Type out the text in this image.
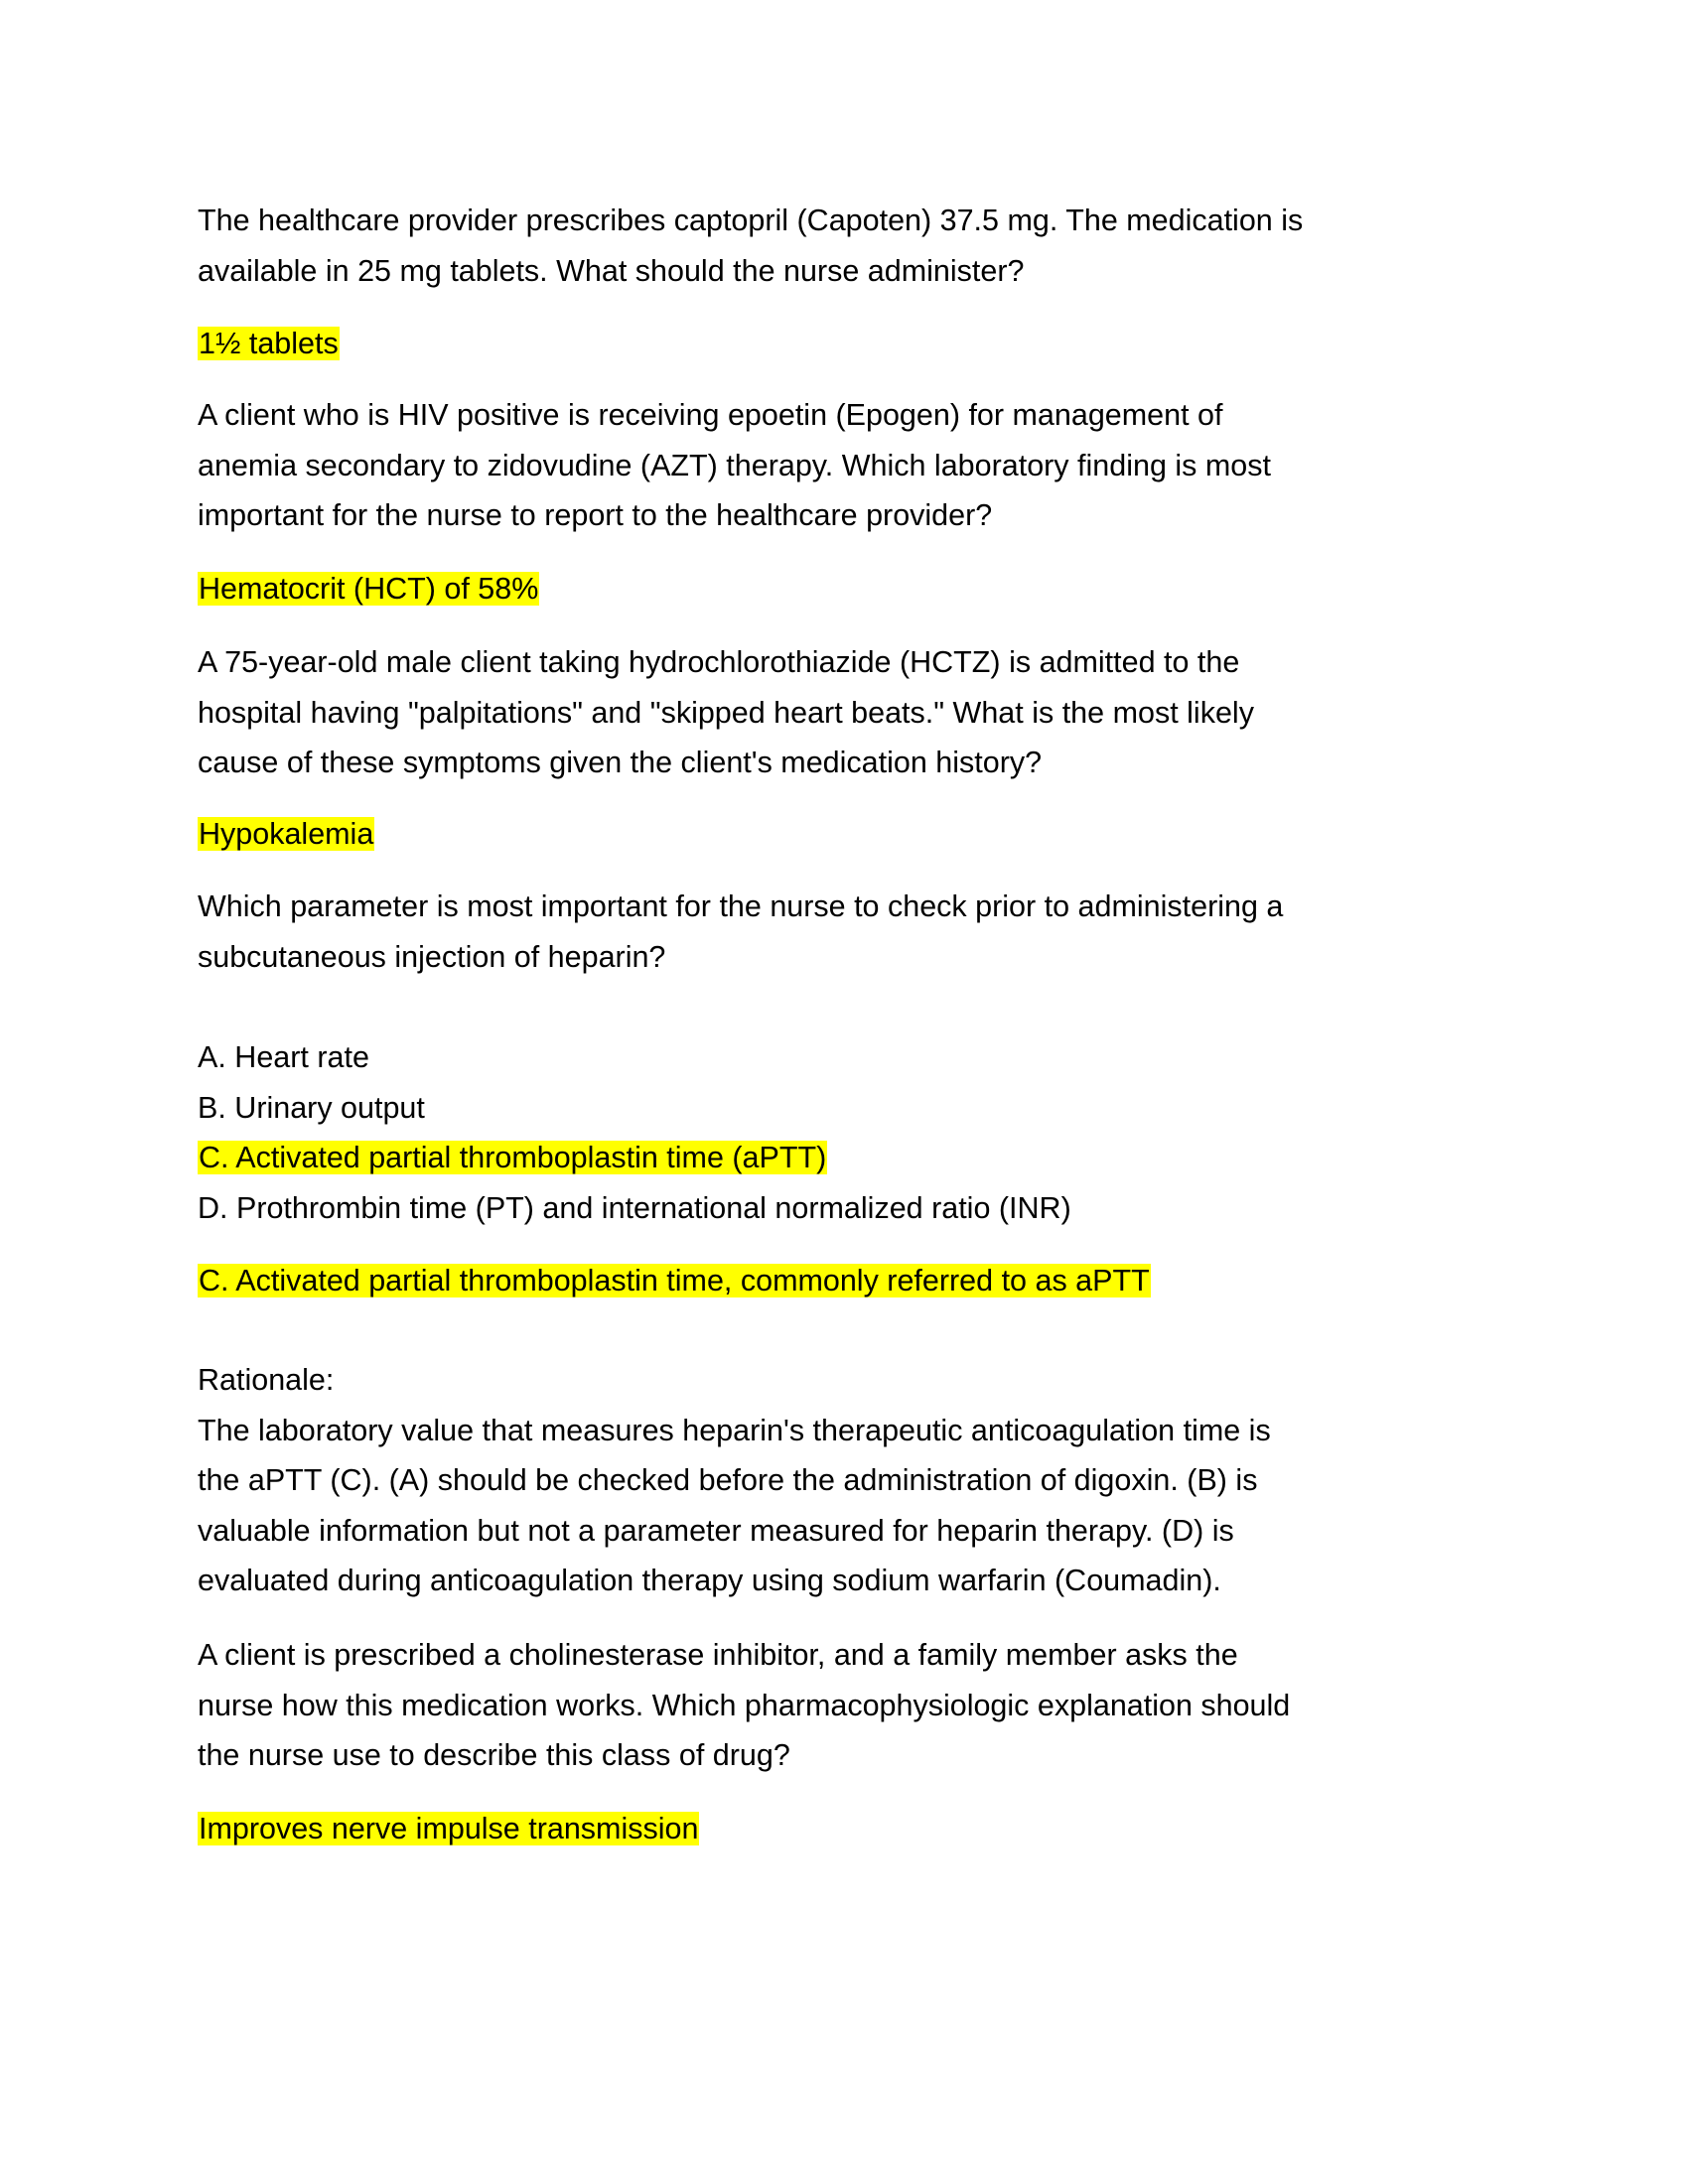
The healthcare provider prescribes captopril (Capoten) 37.5 mg. The medication is
available in 25 mg tablets. What should the nurse administer?
1½ tablets
A client who is HIV positive is receiving epoetin (Epogen) for management of
anemia secondary to zidovudine (AZT) therapy. Which laboratory finding is most
important for the nurse to report to the healthcare provider?
Hematocrit (HCT) of 58%
A 75-year-old male client taking hydrochlorothiazide (HCTZ) is admitted to the
hospital having "palpitations" and "skipped heart beats." What is the most likely
cause of these symptoms given the client's medication history?
Hypokalemia
Which parameter is most important for the nurse to check prior to administering a
subcutaneous injection of heparin?
A. Heart rate
B. Urinary output
C. Activated partial thromboplastin time (aPTT)
D. Prothrombin time (PT) and international normalized ratio (INR)
C. Activated partial thromboplastin time, commonly referred to as aPTT
Rationale:
The laboratory value that measures heparin's therapeutic anticoagulation time is
the aPTT (C). (A) should be checked before the administration of digoxin. (B) is
valuable information but not a parameter measured for heparin therapy. (D) is
evaluated during anticoagulation therapy using sodium warfarin (Coumadin).
A client is prescribed a cholinesterase inhibitor, and a family member asks the
nurse how this medication works. Which pharmacophysiologic explanation should
the nurse use to describe this class of drug?
Improves nerve impulse transmission
